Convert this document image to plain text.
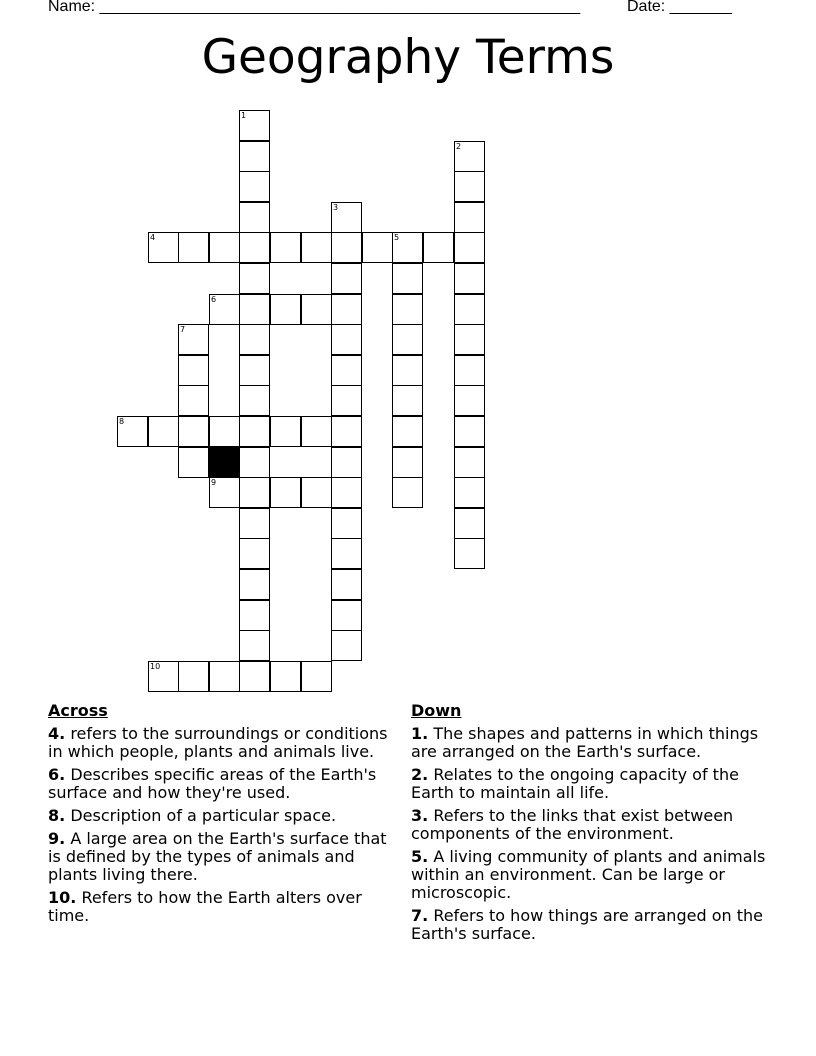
Name: ______________________________________________________	Date: _______
Geography Terms
1
2
3
4	5
6
7
8
9
10
Across
4. refers to the surroundings or conditions in which people, plants and animals live.
6. Describes specific areas of the Earth's surface and how they're used.
8. Description of a particular space.
9. A large area on the Earth's surface that is defined by the types of animals and plants living there.
10. Refers to how the Earth alters over time.
Down
1. The shapes and patterns in which things are arranged on the Earth's surface.
2. Relates to the ongoing capacity of the Earth to maintain all life.
3. Refers to the links that exist between components of the environment.
5. A living community of plants and animals within an environment. Can be large or microscopic.
7. Refers to how things are arranged on the Earth's surface.
